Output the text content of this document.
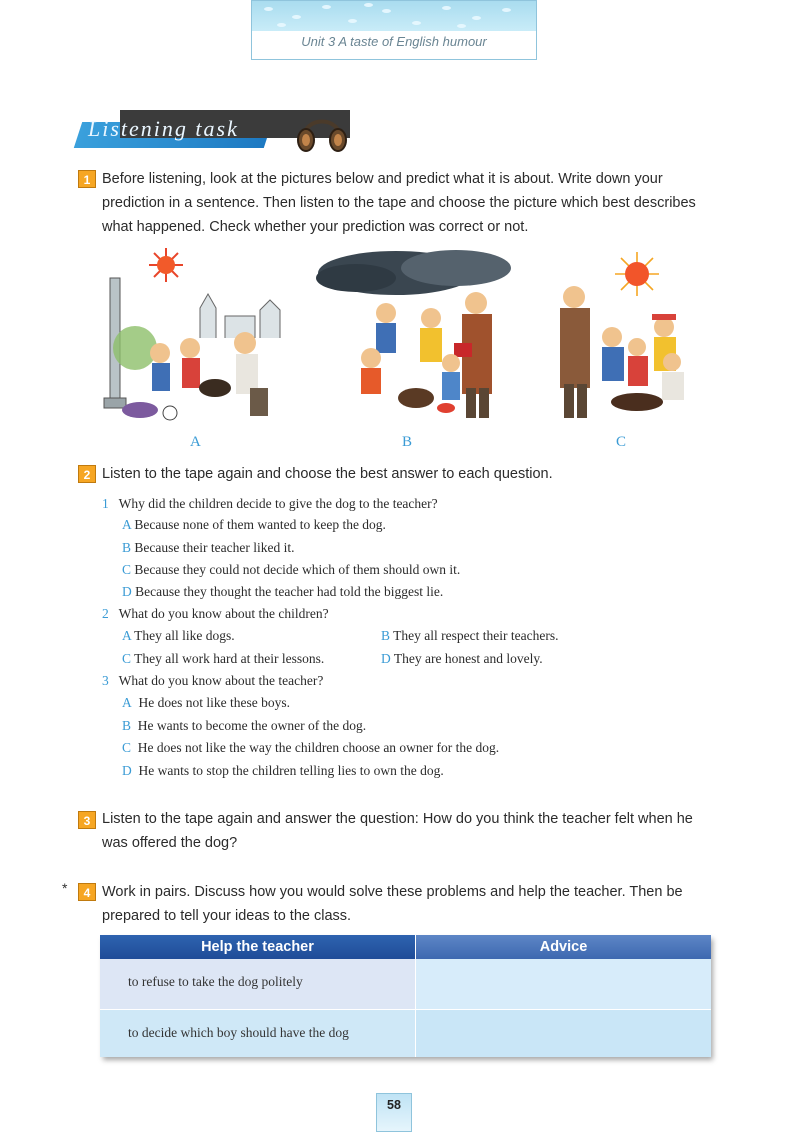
Unit 3 A taste of English humour
Listening task
1 Before listening, look at the pictures below and predict what it is about. Write down your prediction in a sentence. Then listen to the tape and choose the picture which best describes what happened. Check whether your prediction was correct or not.
A	B	C
2 Listen to the tape again and choose the best answer to each question.
1 Why did the children decide to give the dog to the teacher?
A Because none of them wanted to keep the dog.
B Because their teacher liked it.
C Because they could not decide which of them should own it.
D Because they thought the teacher had told the biggest lie.
2 What do you know about the children?
A They all like dogs.	B They all respect their teachers.
C They all work hard at their lessons.	D They are honest and lovely.
3 What do you know about the teacher?
A He does not like these boys.
B He wants to become the owner of the dog.
C He does not like the way the children choose an owner for the dog.
D He wants to stop the children telling lies to own the dog.
3 Listen to the tape again and answer the question: How do you think the teacher felt when he was offered the dog?
*	4 Work in pairs. Discuss how you would solve these problems and help the teacher. Then be prepared to tell your ideas to the class.
Help the teacher	Advice
to refuse to take the dog politely
to decide which boy should have the dog
58
